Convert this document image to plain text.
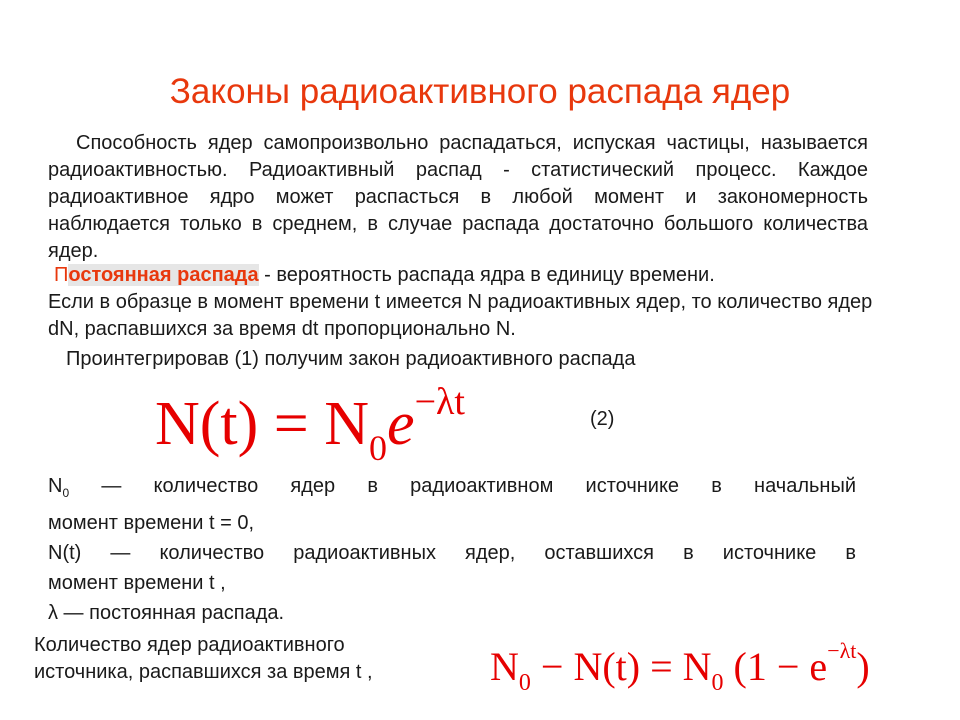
Законы радиоактивного распада ядер

Способность ядер самопроизвольно распадаться, испуская частицы, называется радиоактивностью. Радиоактивный распад - статистический процесс. Каждое радиоактивное ядро может распасться в любой момент и закономерность наблюдается только в среднем, в случае распада достаточно большого количества ядер.

Постоянная распада - вероятность распада ядра в единицу времени.
Если в образце в момент времени t имеется N радиоактивных ядер, то количество ядер dN, распавшихся за время dt пропорционально N.

Проинтегрировав (1) получим закон радиоактивного распада

$N(t) = N_0e^{-\lambda t}$	(2)
$N_0$ — количество ядер в радиоактивном источнике в начальный
момент времени t = 0,
N(t) — количество радиоактивных ядер, оставшихся в источнике в
момент времени t ,
λ — постоянная распада.

Количество ядер радиоактивного источника, распавшихся за время t ,	$N_0 - N(t) = N_0$ $(1 - e^{-\lambda t})$
